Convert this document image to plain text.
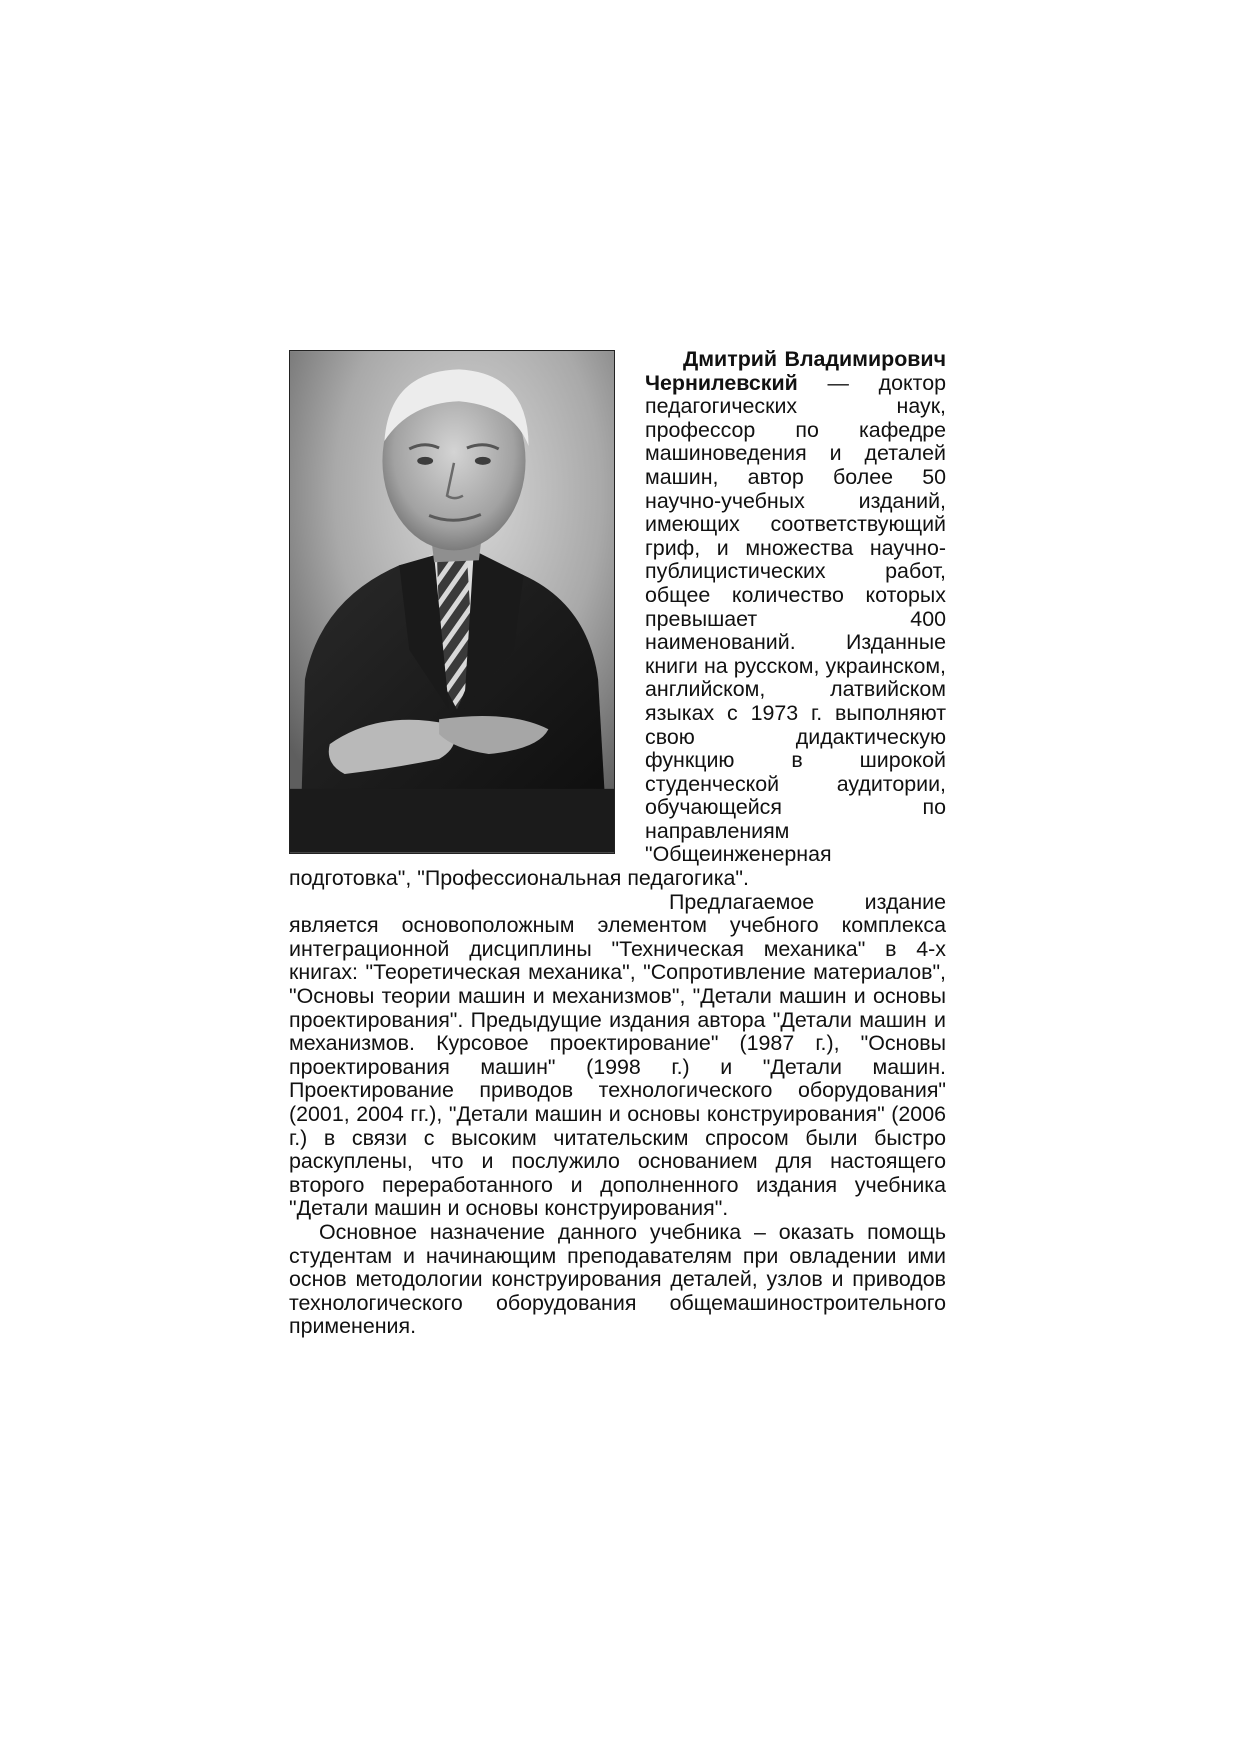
Дмитрий Владимирович Чернилевский — доктор педагогических наук, профессор по кафедре машиноведения и деталей машин, автор более 50 научно-учебных изданий, имеющих соответствующий гриф, и множества научно-публицистических работ, общее количество которых превышает 400 наименований. Изданные книги на русском, украинском, английском, латвийском языках с 1973 г. выполняют свою дидактическую функцию в широкой студенческой аудитории, обучающейся по направлениям "Общеинженерная подготовка", "Профессиональная педагогика".

Предлагаемое издание является основоположным элементом учебного комплекса интеграционной дисциплины "Техническая механика" в 4-х книгах: "Теоретическая механика", "Сопротивление материалов", "Основы теории машин и механизмов", "Детали машин и основы проектирования". Предыдущие издания автора "Детали машин и механизмов. Курсовое проектирование" (1987 г.), "Основы проектирования машин" (1998 г.) и "Детали машин. Проектирование приводов технологического оборудования" (2001, 2004 гг.), "Детали машин и основы конструирования" (2006 г.) в связи с высоким читательским спросом были быстро раскуплены, что и послужило основанием для настоящего второго переработанного и дополненного издания учебника "Детали машин и основы конструирования".

Основное назначение данного учебника – оказать помощь студентам и начинающим преподавателям при овладении ими основ методологии конструирования деталей, узлов и приводов технологического оборудования общемашиностроительного применения.
